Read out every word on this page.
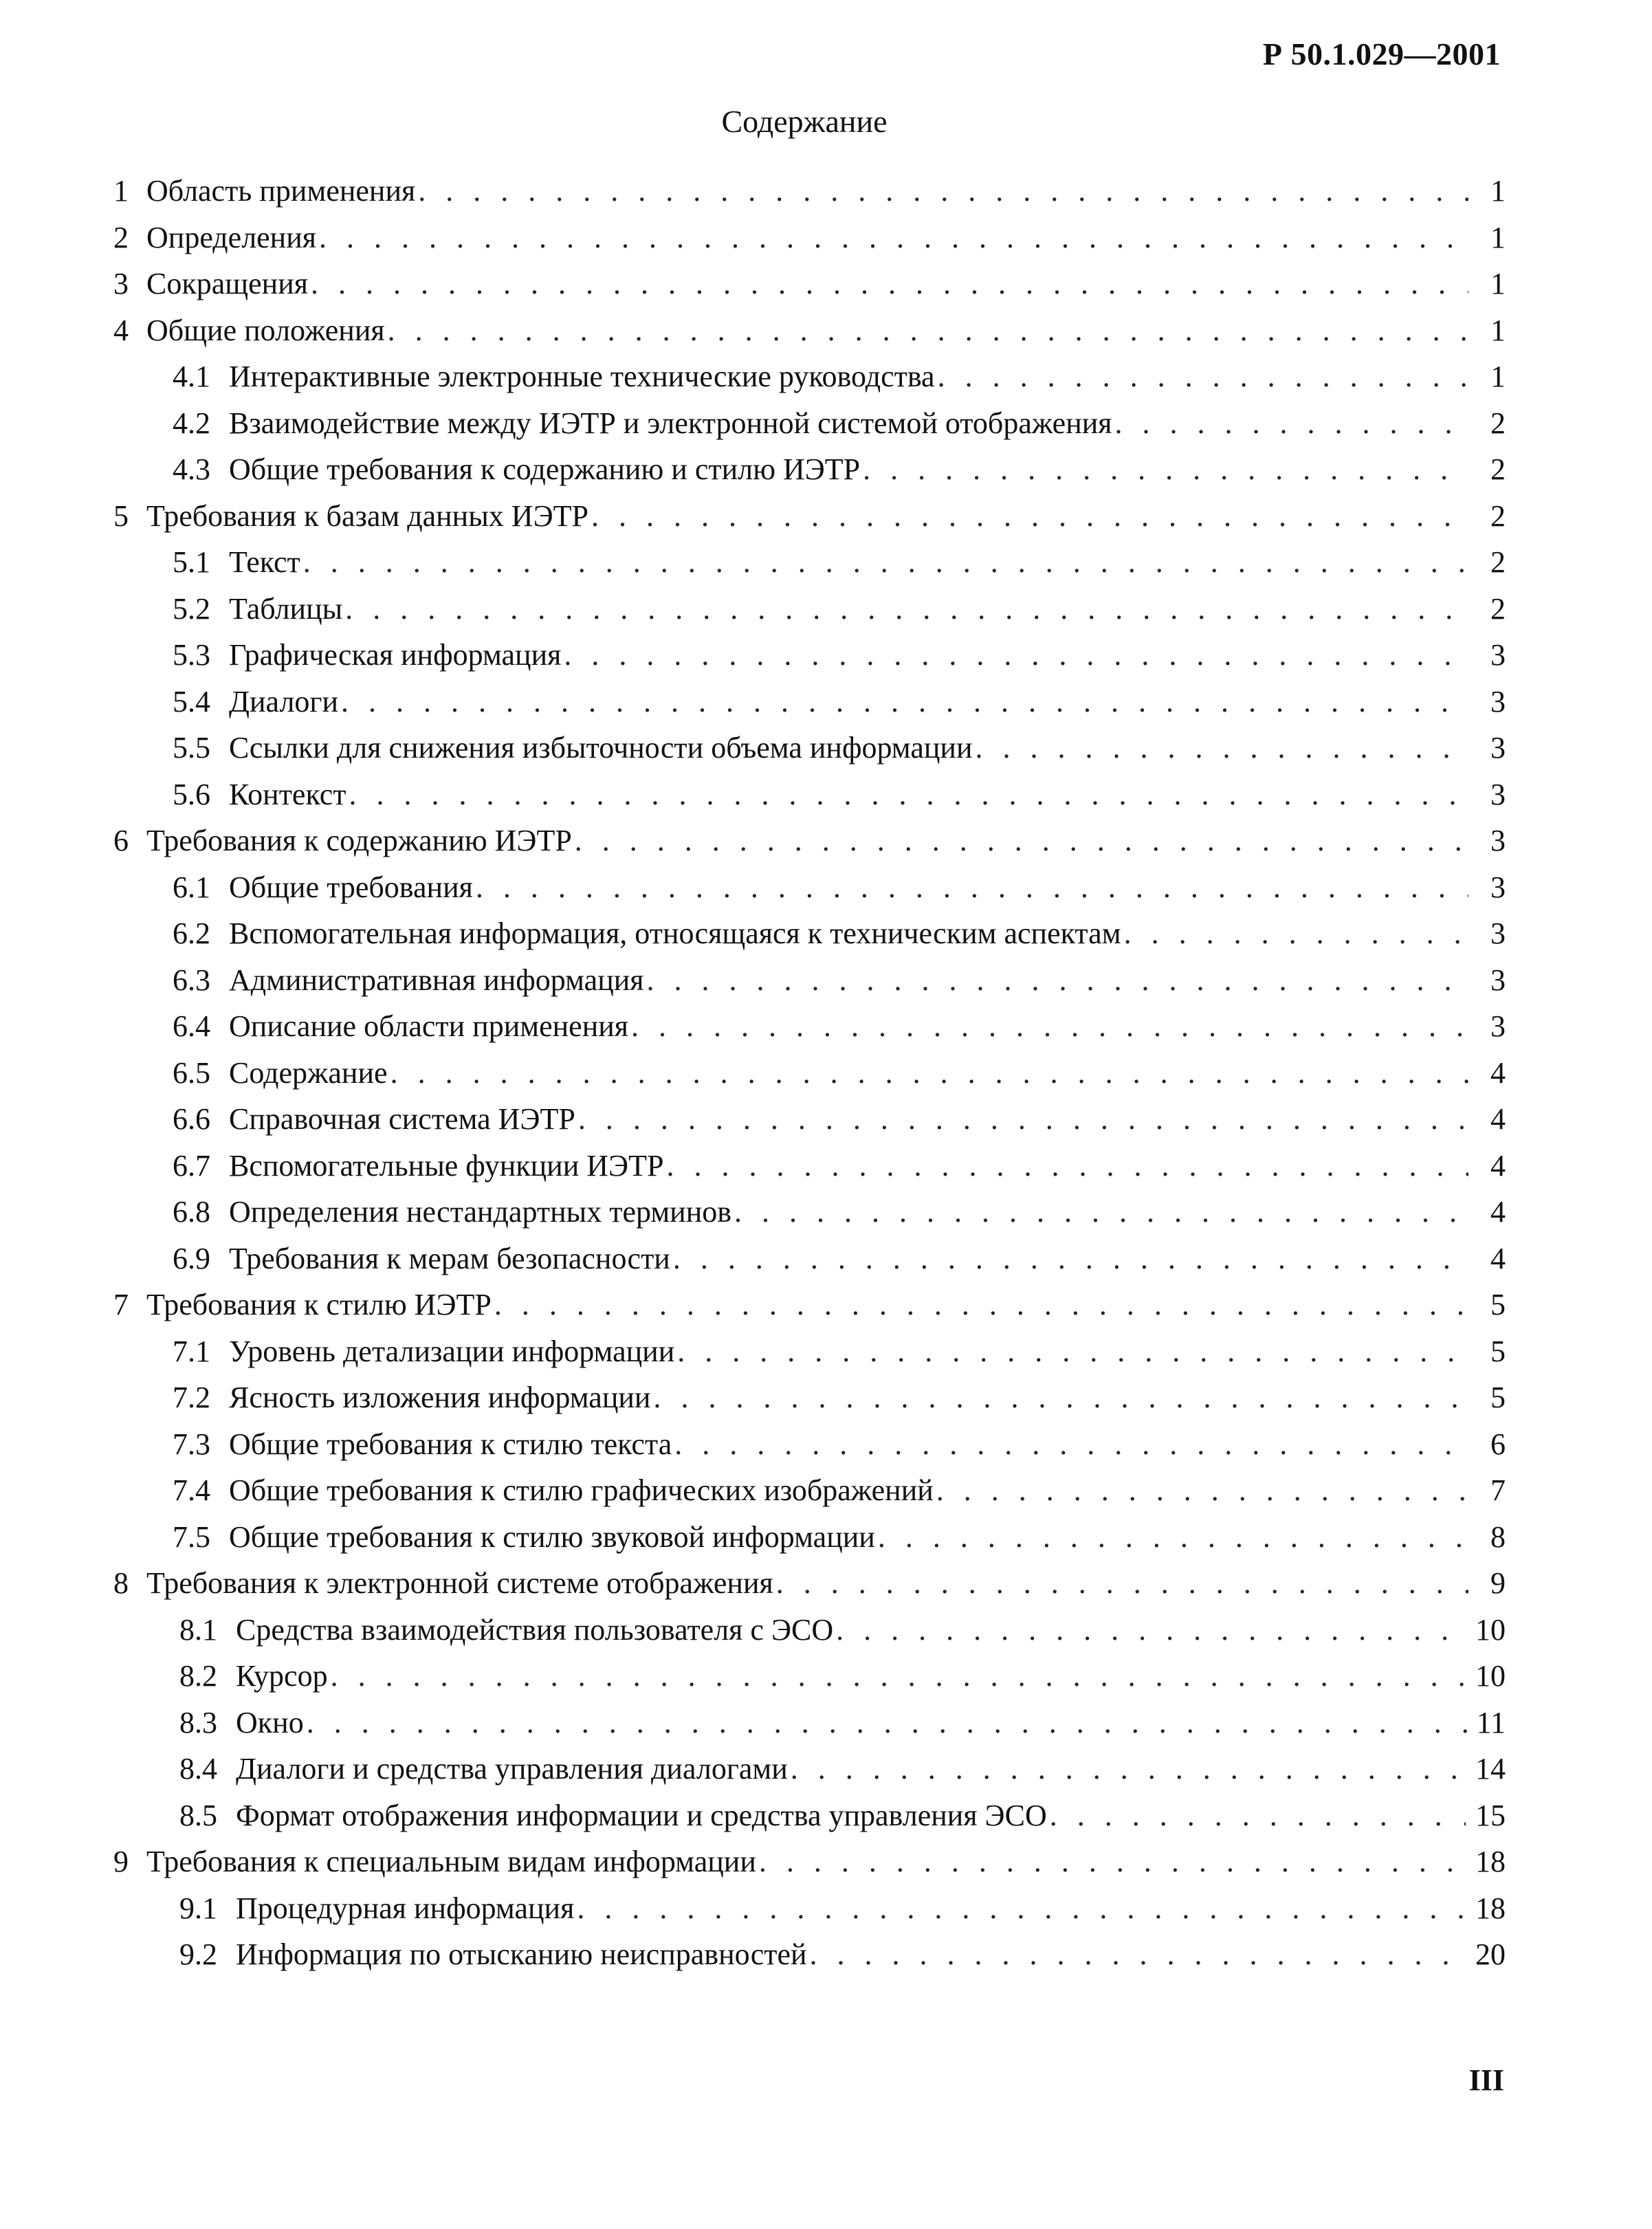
Р 50.1.029—2001
Содержание
1 Область применения . . .	1
2 Определения . . .	1
3 Сокращения . . .	1
4 Общие положения . . .	1
4.1 Интерактивные электронные технические руководства . . .	1
4.2 Взаимодействие между ИЭТР и электронной системой отображения . . .	2
4.3 Общие требования к содержанию и стилю ИЭТР . . .	2
5 Требования к базам данных ИЭТР . . .	2
5.1 Текст . . .	2
5.2 Таблицы . . .	2
5.3 Графическая информация . . .	3
5.4 Диалоги . . .	3
5.5 Ссылки для снижения избыточности объема информации . . .	3
5.6 Контекст . . .	3
6 Требования к содержанию ИЭТР . . .	3
6.1 Общие требования . . .	3
6.2 Вспомогательная информация, относящаяся к техническим аспектам . . .	3
6.3 Административная информация . . .	3
6.4 Описание области применения . . .	3
6.5 Содержание . . .	4
6.6 Справочная система ИЭТР . . .	4
6.7 Вспомогательные функции ИЭТР . . .	4
6.8 Определения нестандартных терминов . . .	4
6.9 Требования к мерам безопасности . . .	4
7 Требования к стилю ИЭТР . . .	5
7.1 Уровень детализации информации . . .	5
7.2 Ясность изложения информации . . .	5
7.3 Общие требования к стилю текста . . .	6
7.4 Общие требования к стилю графических изображений . . .	7
7.5 Общие требования к стилю звуковой информации . . .	8
8 Требования к электронной системе отображения . . .	9
8.1 Средства взаимодействия пользователя с ЭСО . . .	10
8.2 Курсор . . .	10
8.3 Окно . . .	11
8.4 Диалоги и средства управления диалогами . . .	14
8.5 Формат отображения информации и средства управления ЭСО . . .	15
9 Требования к специальным видам информации . . .	18
9.1 Процедурная информация . . .	18
9.2 Информация по отысканию неисправностей . . .	20
III
